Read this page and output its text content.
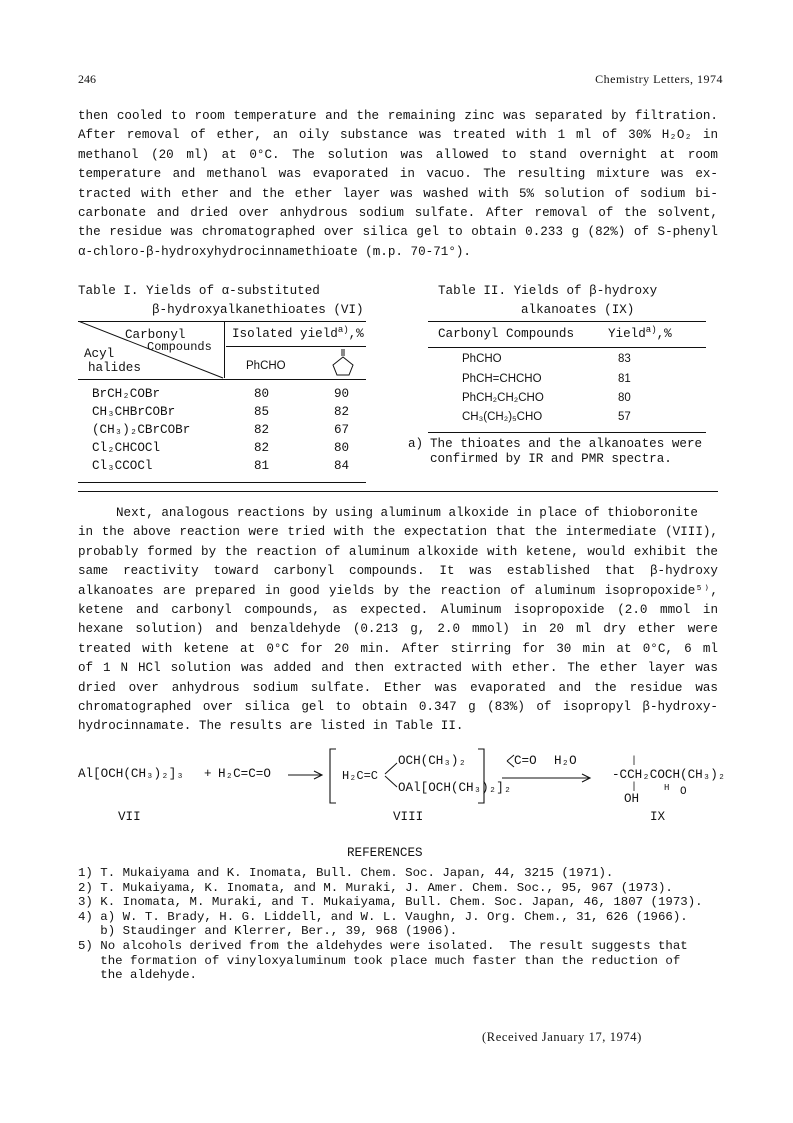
246	Chemistry Letters, 1974
then cooled to room temperature and the remaining zinc was separated by filtration.
After removal of ether, an oily substance was treated with 1 ml of 30% H₂O₂ in
methanol (20 ml) at 0°C. The solution was allowed to stand overnight at room
temperature and methanol was evaporated in vacuo. The resulting mixture was ex-
tracted with ether and the ether layer was washed with 5% solution of sodium bi-
carbonate and dried over anhydrous sodium sulfate. After removal of the solvent,
the residue was chromatographed over silica gel to obtain 0.233 g (82%) of S-phenyl
α-chloro-β-hydroxyhydrocinnamethioate (m.p. 70-71°).
Table I. Yields of α-substituted
β-hydroxyalkanethioates (VI)
Carbonyl
Compounds
Acyl
halides
Isolated yield$^{a)}$,%
PhCHO
BrCH₂COBr	80	90
CH₃CHBrCOBr	85	82
(CH₃)₂CBrCOBr	82	67
Cl₂CHCOCl	82	80
Cl₃CCOCl	81	84
Table II. Yields of β-hydroxy
alkanoates (IX)
Carbonyl Compounds	Yield$^{a)}$,%
PhCHO	83
PhCH=CHCHO	81
PhCH₂CH₂CHO	80
CH₃(CH₂)₅CHO	57
a) The thioates and the alkanoates were
confirmed by IR and PMR spectra.
Next, analogous reactions by using aluminum alkoxide in place of thioboronite
in the above reaction were tried with the expectation that the intermediate (VIII),
probably formed by the reaction of aluminum alkoxide with ketene, would exhibit the
same reactivity toward carbonyl compounds. It was established that β-hydroxy
alkanoates are prepared in good yields by the reaction of aluminum isopropoxide⁵⁾,
ketene and carbonyl compounds, as expected. Aluminum isopropoxide (2.0 mmol in
hexane solution) and benzaldehyde (0.213 g, 2.0 mmol) in 20 ml dry ether were
treated with ketene at 0°C for 20 min. After stirring for 30 min at 0°C, 6 ml
of 1 N HCl solution was added and then extracted with ether. The ether layer was
dried over anhydrous sodium sulfate. Ether was evaporated and the residue was
chromatographed over silica gel to obtain 0.347 g (83%) of isopropyl β-hydroxy-
hydrocinnamate. The results are listed in Table II.
Al[OCH(CH₃)₂]₃ + H₂C=C=O → H₂C=C
OCH(CH₃)₂
OAl[OCH(CH₃)₂]₂
C=O H₂O	|
-CCH₂COCH(CH₃)₂
|
OH
H O
VII	VIII	IX
REFERENCES
1) T. Mukaiyama and K. Inomata, Bull. Chem. Soc. Japan, 44, 3215 (1971).
2) T. Mukaiyama, K. Inomata, and M. Muraki, J. Amer. Chem. Soc., 95, 967 (1973).
3) K. Inomata, M. Muraki, and T. Mukaiyama, Bull. Chem. Soc. Japan, 46, 1807 (1973).
4) a) W. T. Brady, H. G. Liddell, and W. L. Vaughn, J. Org. Chem., 31, 626 (1966).
b) Staudinger and Klerrer, Ber., 39, 968 (1906).
5) No alcohols derived from the aldehydes were isolated.  The result suggests that
the formation of vinyloxyaluminum took place much faster than the reduction of
the aldehyde.
(Received January 17, 1974)
